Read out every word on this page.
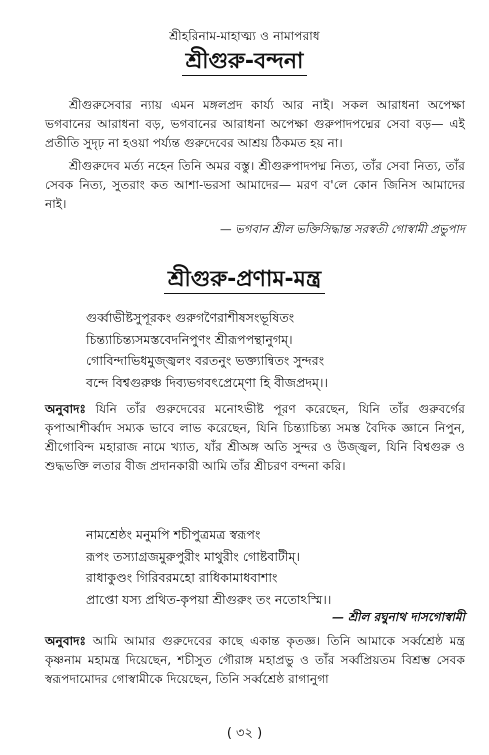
শ্রীহরিনাম-মাহাত্ম্য ও নামাপরাধ
শ্রীগুরু-বন্দনা
শ্রীগুরুসেবার ন্যায় এমন মঙ্গলপ্রদ কার্য্য আর নাই। সকল আরাধনা অপেক্ষা ভগবানের আরাধনা বড়, ভগবানের আরাধনা অপেক্ষা গুরুপাদপদ্মের সেবা বড়— এই প্রতীতি সুদৃঢ় না হওয়া পর্য্যন্ত গুরুদেবের আশ্রয় ঠিকমত হয় না।
শ্রীগুরুদেব মর্ত্য নহেন তিনি অমর বস্তু। শ্রীগুরুপাদপদ্ম নিত্য, তাঁর সেবা নিত্য, তাঁর সেবক নিত্য, সুতরাং কত আশা-ভরসা আমাদের— মরণ ব'লে কোন জিনিস আমাদের নাই।
— ভগবান শ্রীল ভক্তিসিদ্ধান্ত সরস্বতী গোস্বামী প্রভুপাদ
শ্রীগুরু-প্রণাম-মন্ত্র
গুর্ব্বাভীষ্টসুপূরকং গুরুগণৈরাশীষসংভূষিতং
চিন্ত্যাচিন্ত্যসমস্তবেদনিপুণং শ্রীরূপপন্থানুগম্।
গোবিন্দাভিধমুজ্জ্বলং বরতনুং ভক্ত্যান্বিতং সুন্দরং
বন্দে বিশ্বগুরুঞ্চ দিব্যভগবৎপ্রেম্ণো হি বীজপ্রদম্।।
অনুবাদঃ যিনি তাঁর গুরুদেবের মনোঽভীষ্ট পূরণ করেছেন, যিনি তাঁর গুরুবর্গের কৃপাআশীর্ব্বাদ সম্যক ভাবে লাভ করেছেন, যিনি চিন্ত্যাচিন্ত্য সমস্ত বৈদিক জ্ঞানে নিপুন, শ্রীগোবিন্দ মহারাজ নামে খ্যাত, যাঁর শ্রীঅঙ্গ অতি সুন্দর ও উজ্জ্বল, যিনি বিশ্বগুরু ও শুদ্ধভক্তি লতার বীজ প্রদানকারী আমি তাঁর শ্রীচরণ বন্দনা করি।
নামশ্রেষ্ঠং মনুমপি শচীপুত্রমত্র স্বরূপং
রূপং তস্যাগ্রজমুরুপুরীং মাথুরীং গোষ্টবাটীম্।
রাধাকুণ্ডং গিরিবরমহো রাধিকামাধবাশাং
প্রাপ্তো যস্য প্রথিত-কৃপয়া শ্রীগুরুং তং নতোঽস্মি।।
— শ্রীল রঘুনাথ দাসগোস্বামী
অনুবাদঃ আমি আমার গুরুদেবের কাছে একান্ত কৃতজ্ঞ। তিনি আমাকে সর্ব্বশ্রেষ্ঠ মন্ত্র কৃষ্ণনাম মহামন্ত্র দিয়েছেন, শচীসুত গৌরাঙ্গ মহাপ্রভু ও তাঁর সর্ব্বপ্রিয়তম বিশ্রম্ভ সেবক স্বরূপদামোদর গোস্বামীকে দিয়েছেন, তিনি সর্ব্বশ্রেষ্ঠ রাগানুগা
( ৩২ )
